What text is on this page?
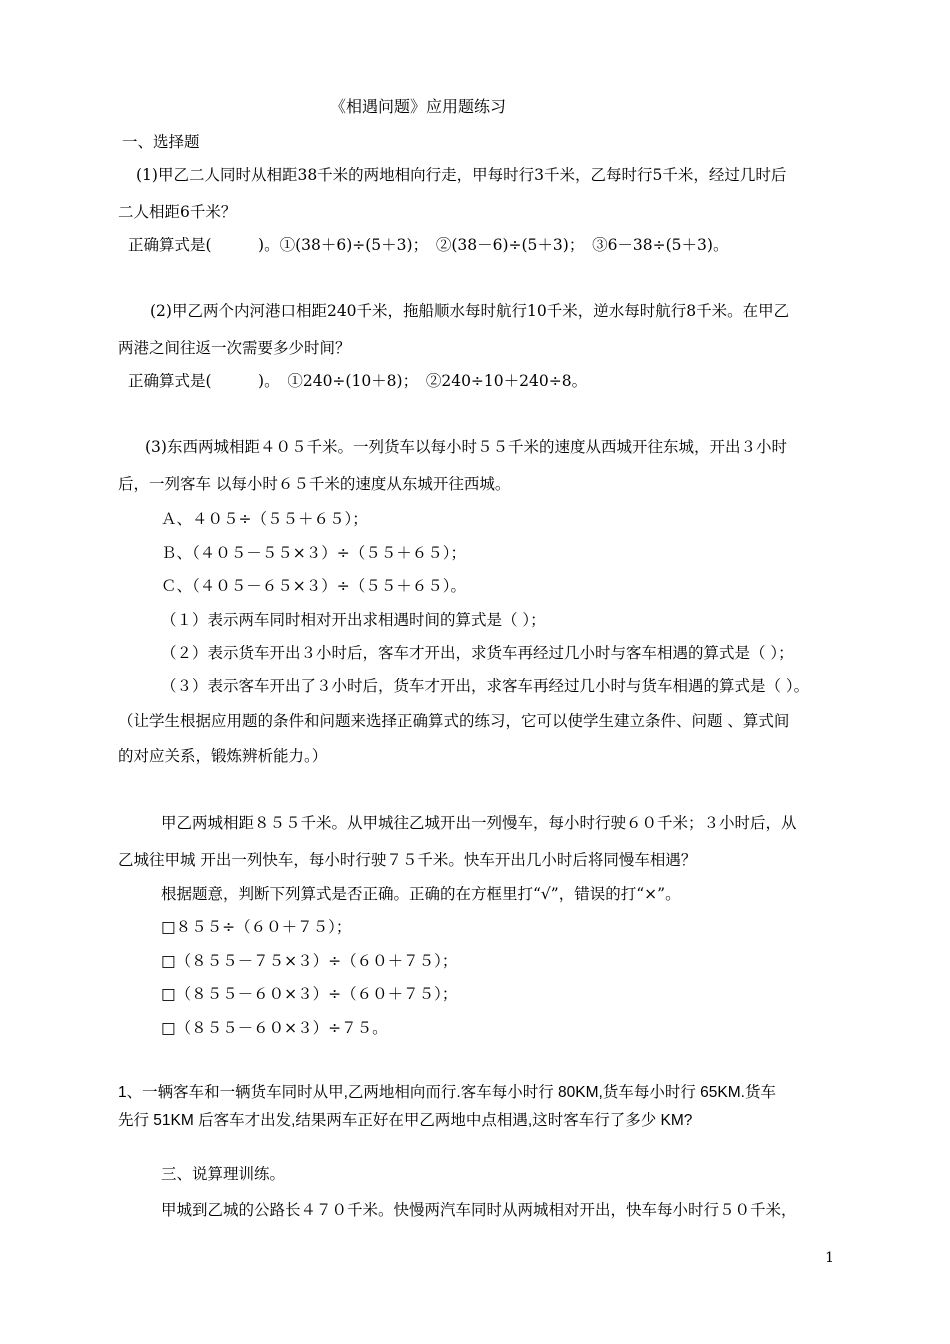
《相遇问题》应用题练习
一、选择题
(1)甲乙二人同时从相距38千米的两地相向行走，甲每时行3千米，乙每时行5千米，经过几时后
二人相距6千米？
正确算式是(　　　)。①(38＋6)÷(5＋3)；　②(38－6)÷(5＋3)；　③6－38÷(5＋3)。
(2)甲乙两个内河港口相距240千米，拖船顺水每时航行10千米，逆水每时航行8千米。在甲乙
两港之间往返一次需要多少时间？
正确算式是(　　　)。　①240÷(10＋8)；　②240÷10＋240÷8。
(3)东西两城相距４０５千米。一列货车以每小时５５千米的速度从西城开往东城，开出３小时
后，一列客车 以每小时６５千米的速度从东城开往西城。
Ａ、４０５÷（５５＋６５）；
Ｂ、（４０５－５５×３）÷（５５＋６５）；
Ｃ、（４０５－６５×３）÷（５５＋６５）。
（１）表示两车同时相对开出求相遇时间的算式是（ ）；
（２）表示货车开出３小时后，客车才开出，求货车再经过几小时与客车相遇的算式是（ ）；
（３）表示客车开出了３小时后，货车才开出，求客车再经过几小时与货车相遇的算式是（ ）。
（让学生根据应用题的条件和问题来选择正确算式的练习，它可以使学生建立条件、问题 、算式间
的对应关系，锻炼辨析能力。）
甲乙两城相距８５５千米。从甲城往乙城开出一列慢车，每小时行驶６０千米；３小时后，从
乙城往甲城 开出一列快车，每小时行驶７５千米。快车开出几小时后将同慢车相遇？
根据题意，判断下列算式是否正确。正确的在方框里打“√”，错误的打“×”。
□８５５÷（６０＋７５）；
□（８５５－７５×３）÷（６０＋７５）；
□（８５５－６０×３）÷（６０＋７５）；
□（８５５－６０×３）÷７５。
1、一辆客车和一辆货车同时从甲,乙两地相向而行.客车每小时行 80KM,货车每小时行 65KM.货车
先行 51KM 后客车才出发,结果两车正好在甲乙两地中点相遇,这时客车行了多少 KM?
三、说算理训练。
甲城到乙城的公路长４７０千米。快慢两汽车同时从两城相对开出，快车每小时行５０千米，
1
